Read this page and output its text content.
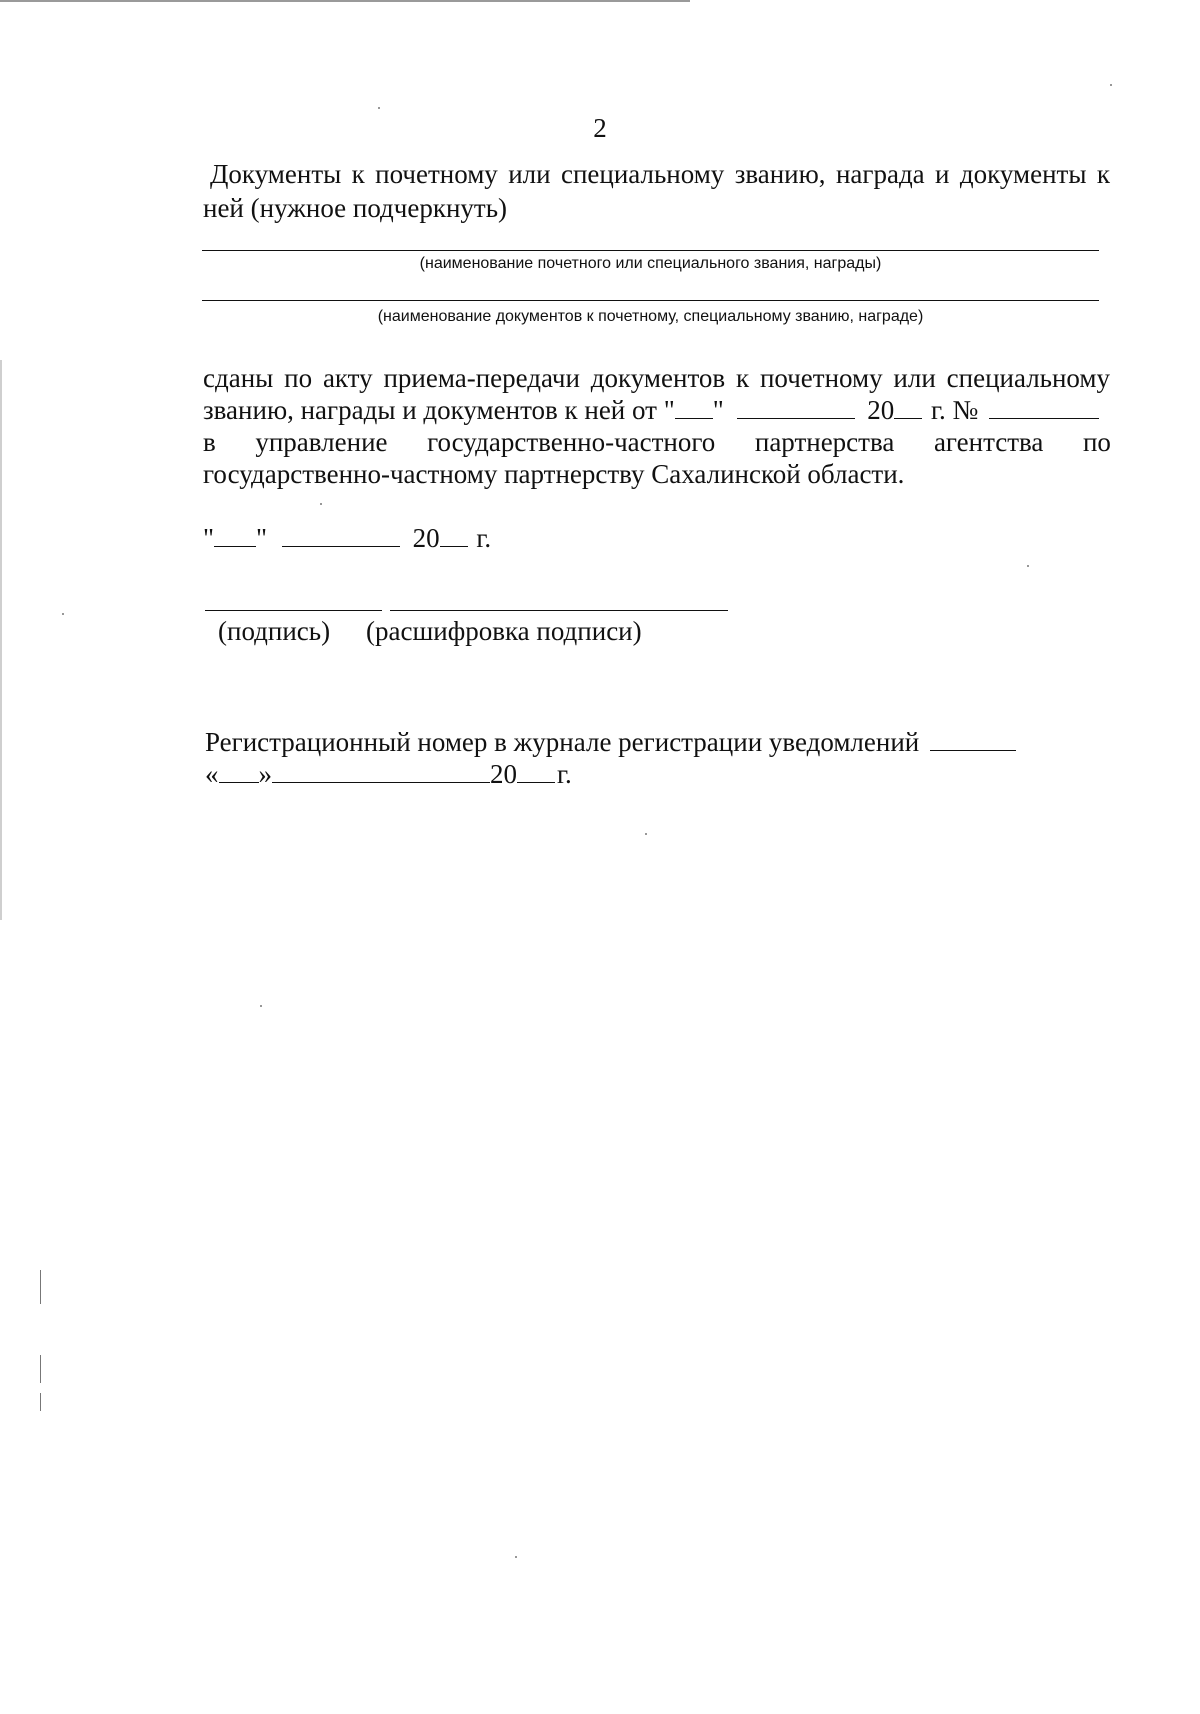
2
Документы к почетному или специальному званию, награда и документы к
ней (нужное подчеркнуть)
(наименование почетного или специального звания, награды)
(наименование документов к почетному, специальному званию, награде)
сданы по акту приема-передачи документов к почетному или специальному
званию, награды и документов к ней от " "	20 г. №
в управление государственно-частного партнерства агентства по
государственно-частному партнерству Сахалинской области.
" "	20 г.
(подпись) (расшифровка подписи)
Регистрационный номер в журнале регистрации уведомлений
« »	20 г.
